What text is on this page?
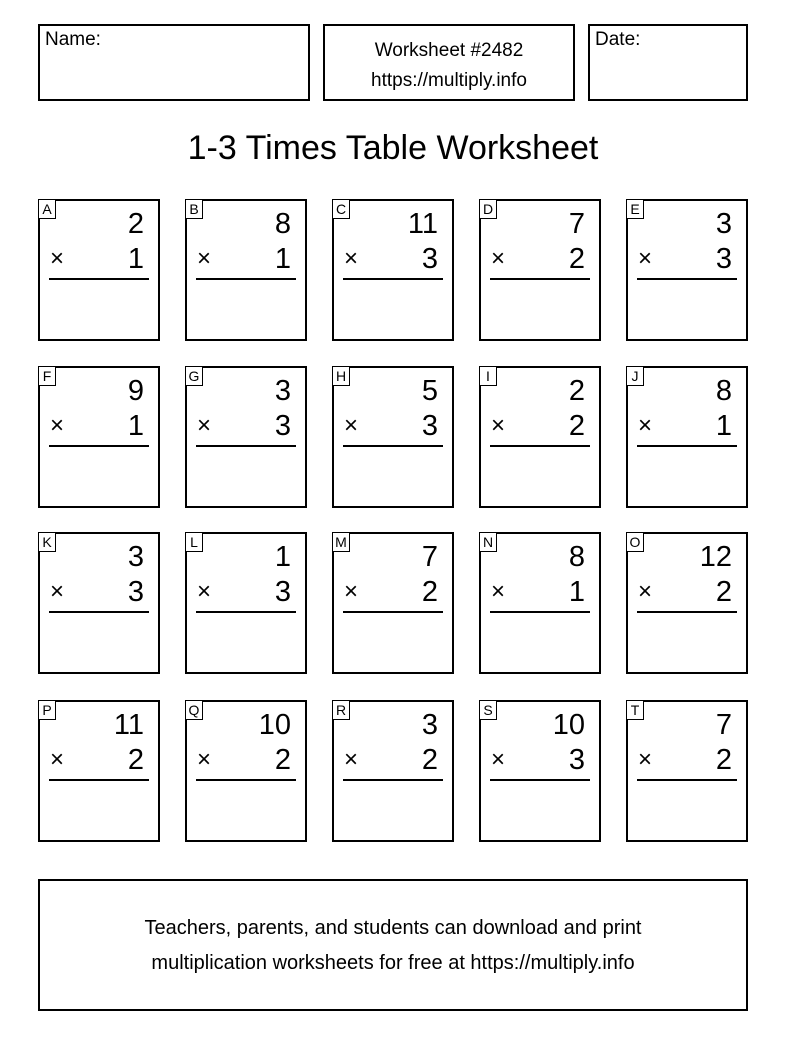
Name:
Worksheet #2482
https://multiply.info
Date:
1-3 Times Table Worksheet
A	2
× 1
B	8
× 1
C 11
× 3
D	7
× 2
E	3
× 3
F	9
× 1
G	3
× 3
H	5
× 3
I	2
× 2
J	8
× 1
K	3
× 3
L	1
× 3
M	7
× 2
N	8
× 1
O 12
× 2
P 11
× 2
Q 10
× 2
R	3
× 2
S 10
× 3
T	7
× 2
Teachers, parents, and students can download and print
multiplication worksheets for free at https://multiply.info
